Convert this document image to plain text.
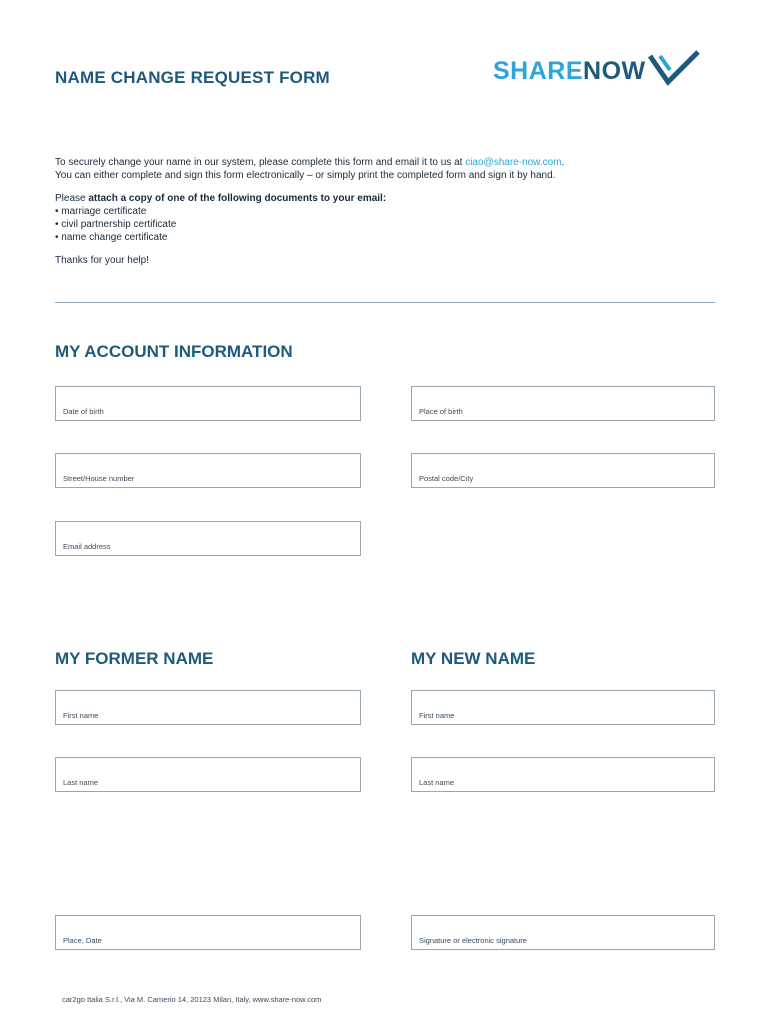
NAME CHANGE REQUEST FORM	SHARE NOW

To securely change your name in our system, please complete this form and email it to us at ciao@share-now.com.

You can either complete and sign this form electronically – or simply print the completed form and sign it by hand.

Please attach a copy of one of the following documents to your email:

• marriage certificate

• civil partnership certificate

• name change certificate

Thanks for your help!

MY ACCOUNT INFORMATION
Date of birth	Place of birth
Street/House number	Postal code/City
Email address
MY FORMER NAME	MY NEW NAME
First name	First name
Last name	Last name
Place, Date	Signature or electronic signature
car2go Italia S.r.l., Via M. Camerio 14, 20123 Milan, Italy, www.share-now.com
